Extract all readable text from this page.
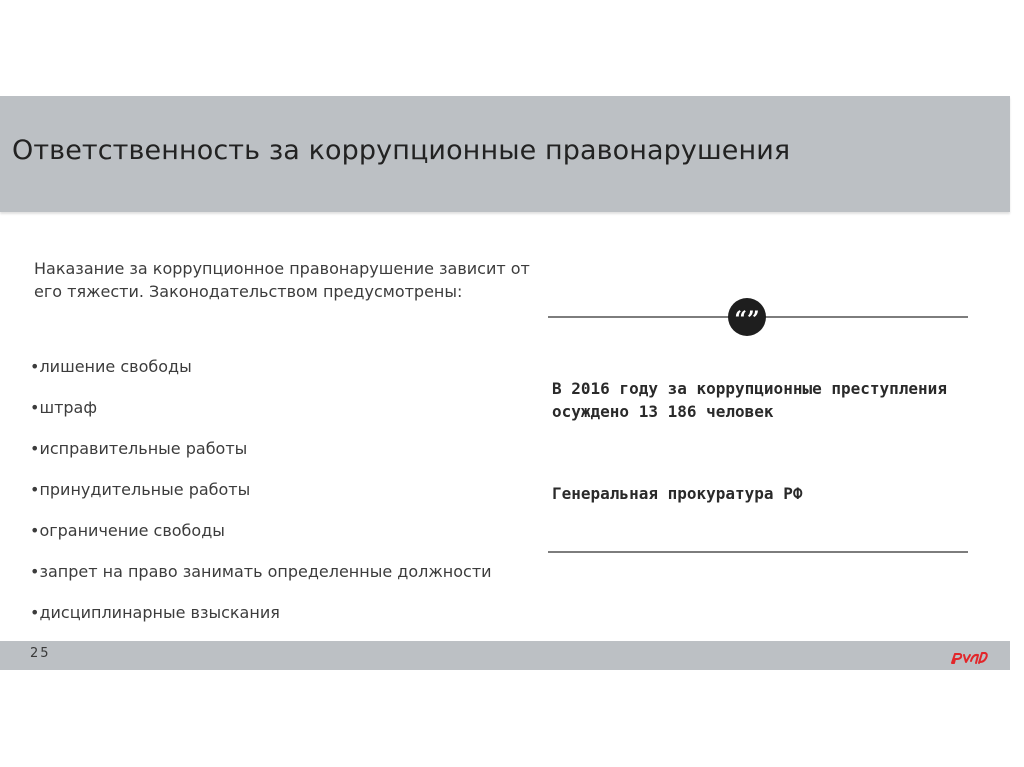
Ответственность за коррупционные правонарушения

Наказание за коррупционное правонарушение зависит от его тяжести. Законодательством предусмотрены:

•лишение свободы
•штраф
•исправительные работы
•принудительные работы
•ограничение свободы
•запрет на право занимать определенные должности
•дисциплинарные взыскания
“”

В 2016 году за коррупционные преступления осуждено 13 186 человек

Генеральная прокуратура РФ

25
